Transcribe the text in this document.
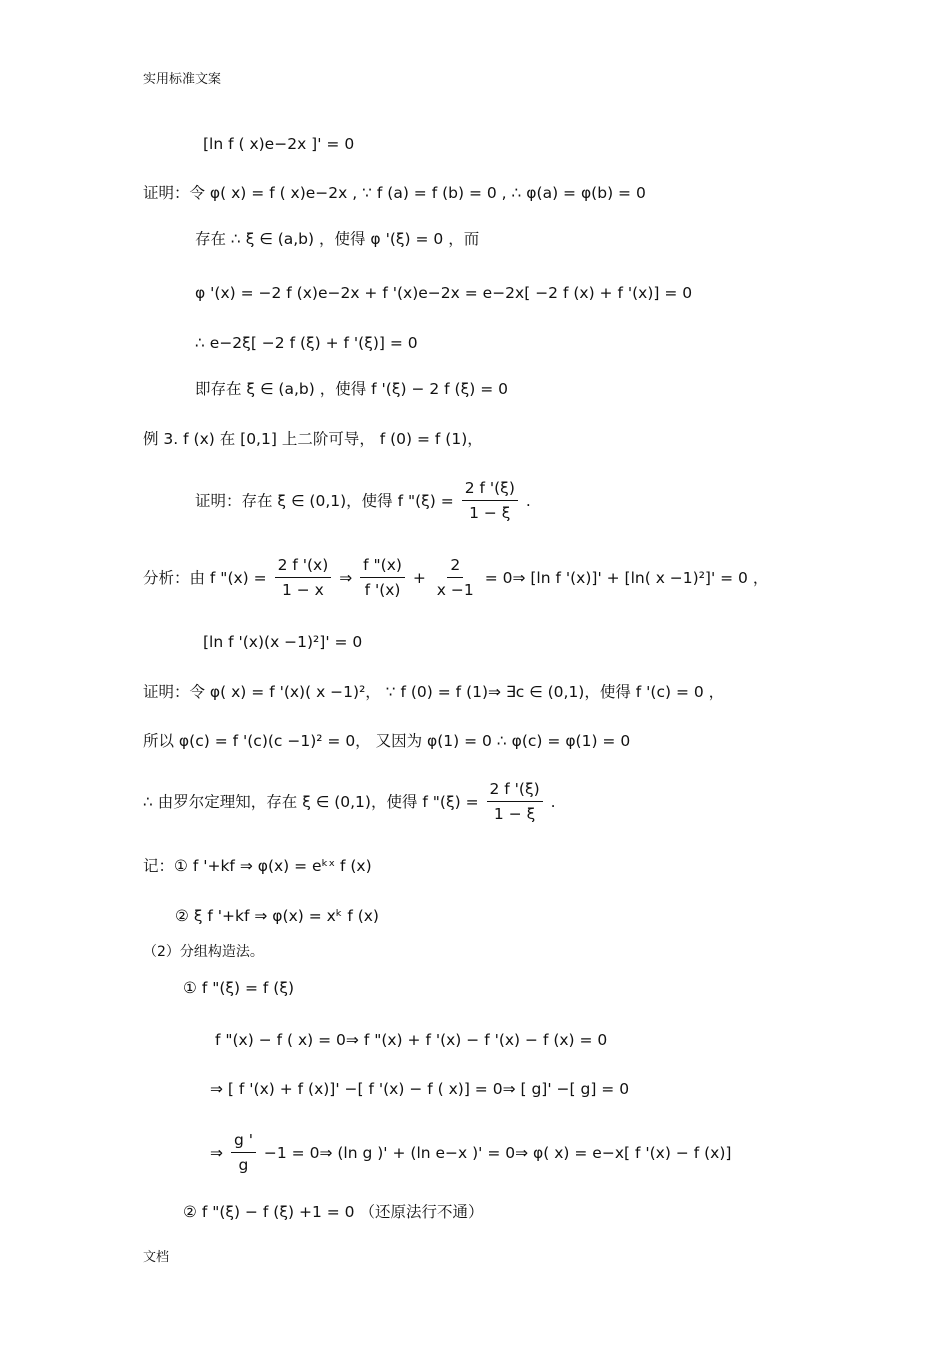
实用标准文案
[ln f ( x)e−2x ]' = 0
证明：令 φ( x) = f ( x)e−2x , ∵ f (a) = f (b) = 0 , ∴ φ(a) = φ(b) = 0
存在 ∴ ξ ∈ (a,b) ，使得 φ '(ξ) = 0 ，而
φ '(x) = −2 f (x)e−2x + f '(x)e−2x = e−2x[ −2 f (x) + f '(x)] = 0
∴ e−2ξ[ −2 f (ξ) + f '(ξ)] = 0
即存在 ξ ∈ (a,b) ，使得 f '(ξ) − 2 f (ξ) = 0
例 3. f (x) 在 [0,1] 上二阶可导， f (0) = f (1)，
证明：存在 ξ ∈ (0,1)，使得 f "$(\xi) = \frac{2 f '(\xi)}{1 - \xi}$ .
分析：由 f "$(x) = \frac{2 f '(x)}{1 - x}$ ⇒ $\frac{f "(x)}{f '(x)} + \frac{2}{x -1}$ = 0⇒ [ln f '(x)]' + [ln( x −1)²]' = 0 ，
[ln f '(x)(x −1)²]' = 0
证明：令 φ( x) = f '(x)( x −1)²， ∵ f (0) = f (1)⇒ ∃c ∈ (0,1)，使得 f '(c) = 0 ，
所以 φ(c) = f '(c)(c −1)² = 0， 又因为 φ(1) = 0 ∴ φ(c) = φ(1) = 0
∴ 由罗尔定理知，存在 ξ ∈ (0,1)，使得 f "$(\xi) = \frac{2 f '(\xi)}{1 - \xi}$ .
记：① f '+kf ⇒ φ(x) = eᵏˣ f (x)
② ξ f '+kf ⇒ φ(x) = xᵏ f (x)
（2）分组构造法。
① f "(ξ) = f (ξ)
f "(x) − f ( x) = 0⇒ f "(x) + f '(x) − f '(x) − f (x) = 0
⇒ [ f '(x) + f (x)]' −[ f '(x) − f ( x)] = 0⇒ [ g]' −[ g] = 0
⇒ $\frac{g '}{g} -1$ = 0⇒ (ln g )' + (ln e−x )' = 0⇒ φ( x) = e−x[ f '(x) − f (x)]
② f "(ξ) − f (ξ) +1 = 0 （还原法行不通）
文档
